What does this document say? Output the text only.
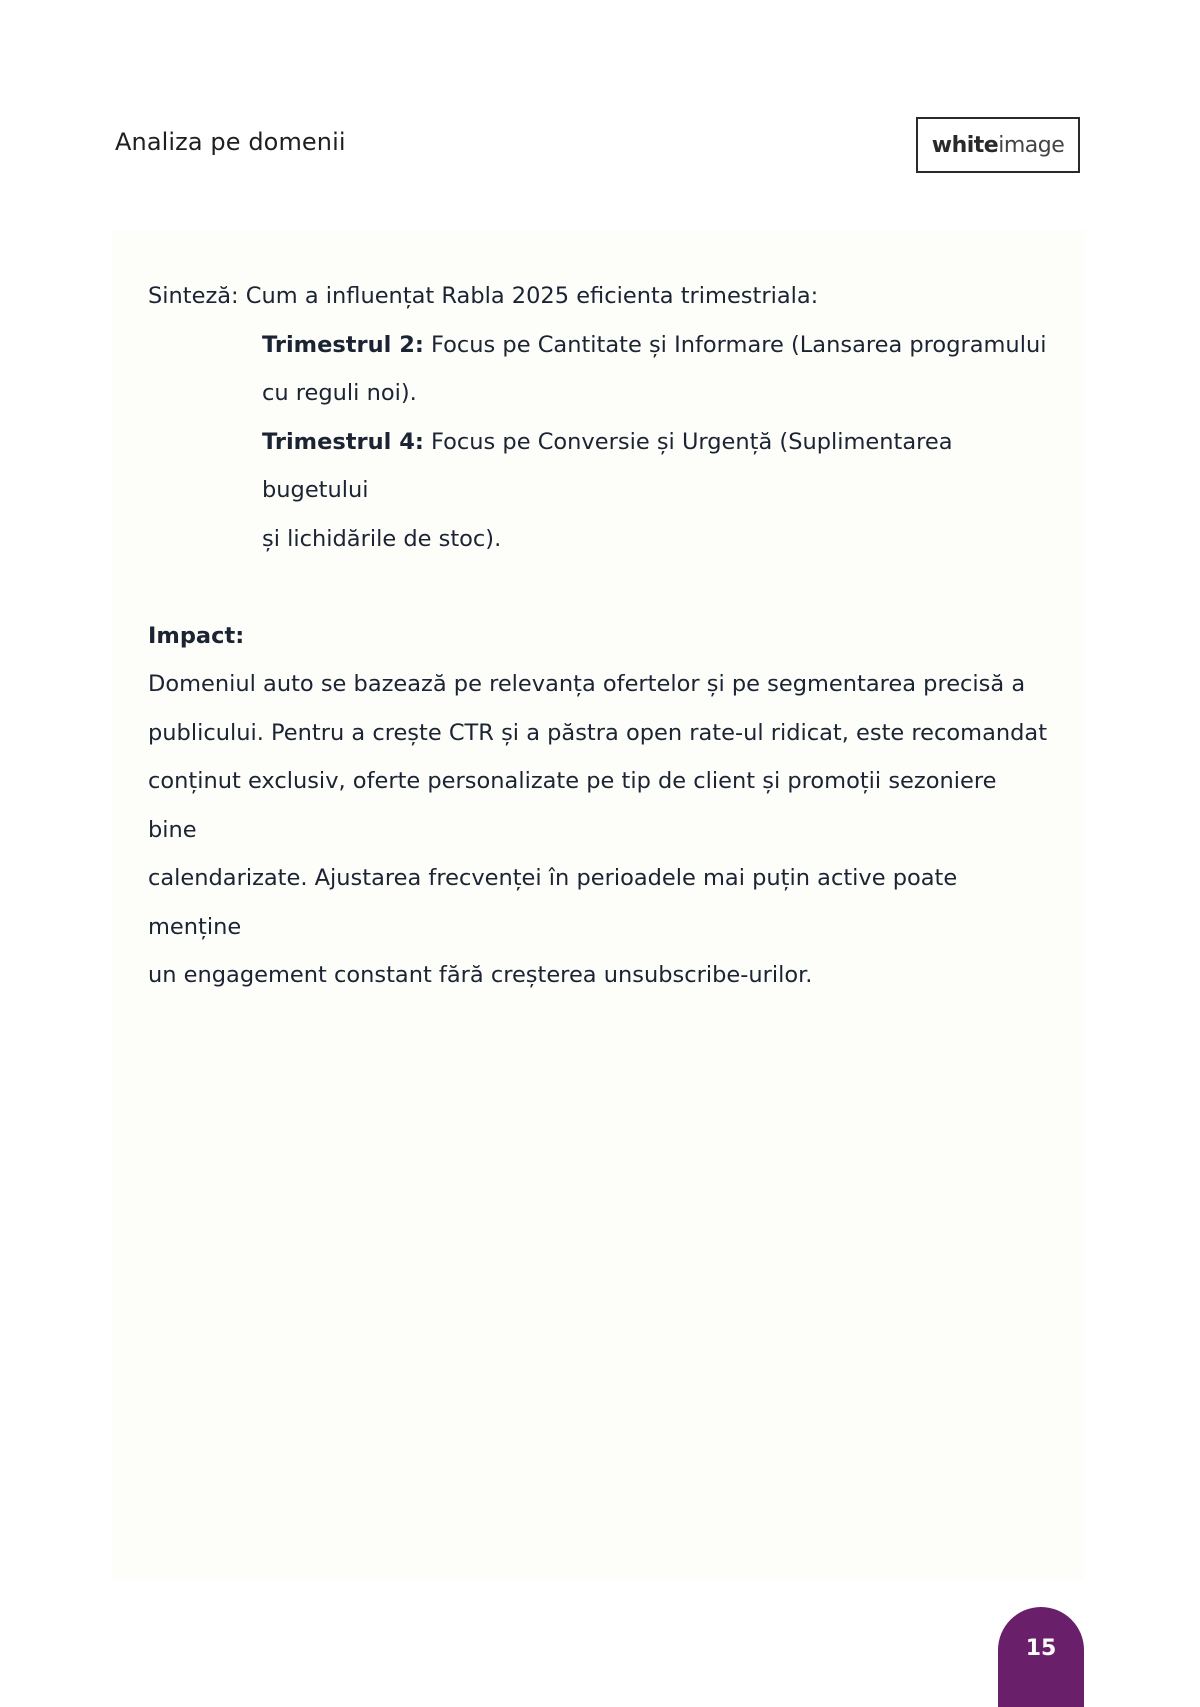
Analiza pe domenii	white image

Sinteză: Cum a influențat Rabla 2025 eficienta trimestriala:

Trimestrul 2: Focus pe Cantitate și Informare (Lansarea programului

cu reguli noi).

Trimestrul 4: Focus pe Conversie și Urgență (Suplimentarea bugetului

și lichidările de stoc).

Impact:

Domeniul auto se bazează pe relevanța ofertelor și pe segmentarea precisă a

publicului. Pentru a crește CTR și a păstra open rate-ul ridicat, este recomandat

conținut exclusiv, oferte personalizate pe tip de client și promoții sezoniere bine

calendarizate. Ajustarea frecvenței în perioadele mai puțin active poate menține

un engagement constant fără creșterea unsubscribe-urilor.

15
